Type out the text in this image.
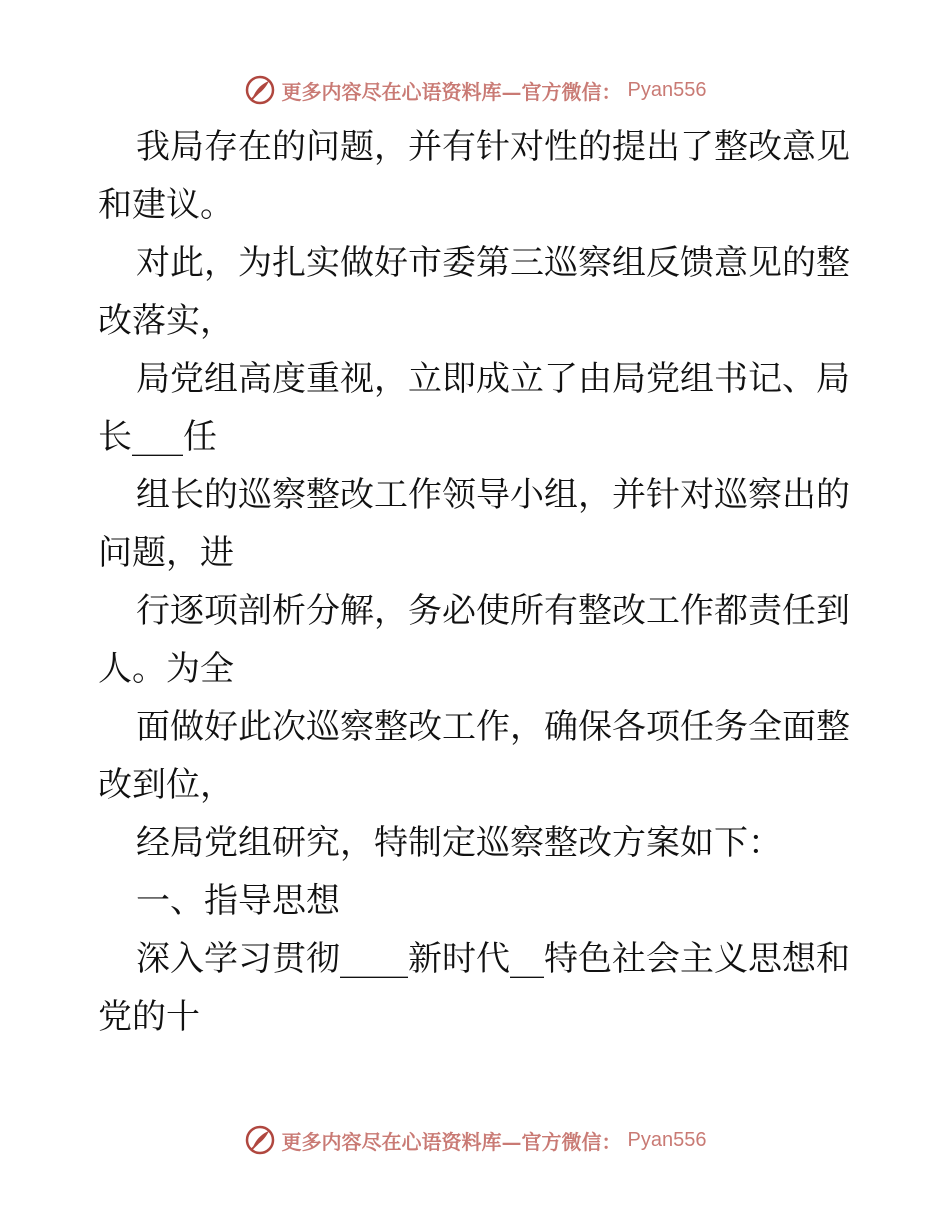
更多内容尽在心语资料库—官方微信： Pyan556

我局存在的问题，并有针对性的提出了整改意见和建议。

对此，为扎实做好市委第三巡察组反馈意见的整改落实，

局党组高度重视，立即成立了由局党组书记、局长___任

组长的巡察整改工作领导小组，并针对巡察出的问题，进

行逐项剖析分解，务必使所有整改工作都责任到人。为全

面做好此次巡察整改工作，确保各项任务全面整改到位，

经局党组研究，特制定巡察整改方案如下：

一、指导思想

深入学习贯彻____新时代__特色社会主义思想和党的十

更多内容尽在心语资料库—官方微信： Pyan556
